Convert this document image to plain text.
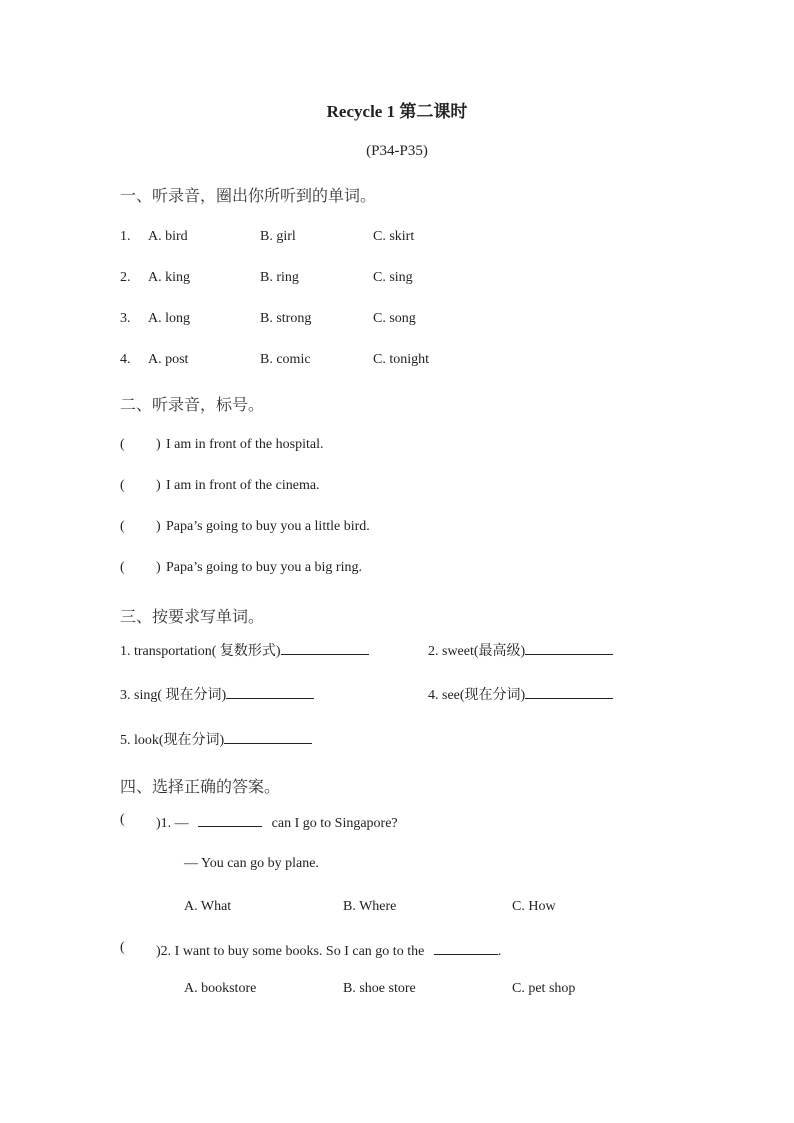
Recycle 1 第二课时
(P34-P35)
一、听录音，圈出你所听到的单词。
1. A. bird	B. girl	C. skirt
2. A. king	B. ring	C. sing
3. A. long	B. strong	C. song
4. A. post	B. comic	C. tonight
二、听录音，标号。
( ) I am in front of the hospital.
( ) I am in front of the cinema.
( ) Papa’s going to buy you a little bird.
( ) Papa’s going to buy you a big ring.
三、按要求写单词。
1. transportation( 复数形式)	2. sweet(最高级)
3. sing( 现在分词)	4. see(现在分词)
5. look(现在分词)
四、选择正确的答案。
( )1. —	can I go to Singapore?
— You can go by plane.
A. What	B. Where	C. How
( )2. I want to buy some books. So I can go to the	.
A. bookstore	B. shoe store	C. pet shop
